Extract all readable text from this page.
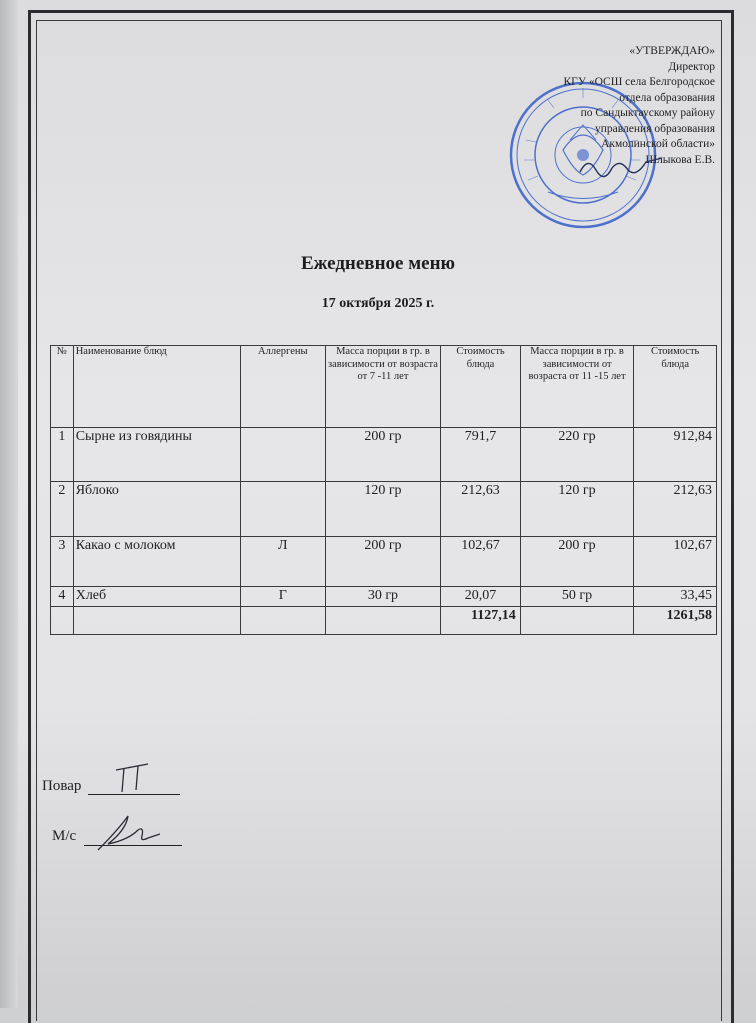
«УТВЕРЖДАЮ»
Директор
КГУ «ОСШ села Белгородское
отдела образования
по Сандыктаускому району
управления образования
Акмолинской области»
Шлыкова Е.В.
Ежедневное меню
17 октября 2025 г.
№	Наименование блюд	Аллергены	Масса порции в гр. в зависимости от возраста от 7 -11 лет	Стоимость блюда	Масса порции в гр. в зависимости от возраста от 11 -15 лет	Стоимость блюда
1	Сырне из говядины		200 гр	791,7	220 гр	912,84
2	Яблоко		120 гр	212,63	120 гр	212,63
3	Какао с молоком	Л	200 гр	102,67	200 гр	102,67
4	Хлеб	Г	30 гр	20,07	50 гр	33,45
				1127,14		1261,58
Повар
М/с
